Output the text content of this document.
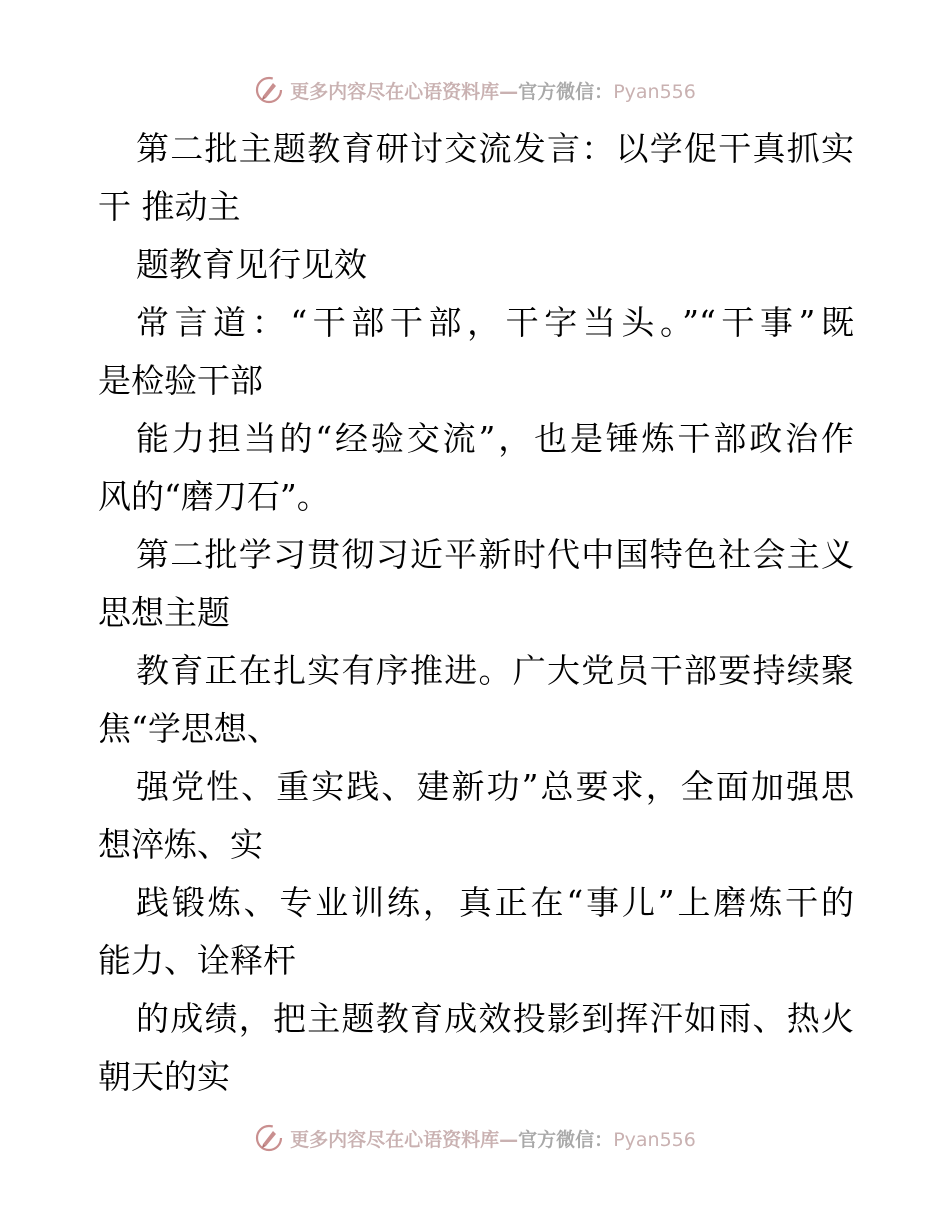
更多内容尽在心语资料库—官方微信：Pyan556
第二批主题教育研讨交流发言：以学促干真抓实
干 推动主
题教育见行见效
常言道：“干部干部，干字当头。”“干事”既
是检验干部
能力担当的“经验交流”，也是锤炼干部政治作
风的“磨刀石”。
第二批学习贯彻习近平新时代中国特色社会主义
思想主题
教育正在扎实有序推进。广大党员干部要持续聚
焦“学思想、
强党性、重实践、建新功”总要求，全面加强思
想淬炼、实
践锻炼、专业训练，真正在“事儿”上磨炼干的
能力、诠释杆
的成绩，把主题教育成效投影到挥汗如雨、热火
朝天的实
更多内容尽在心语资料库—官方微信：Pyan556
